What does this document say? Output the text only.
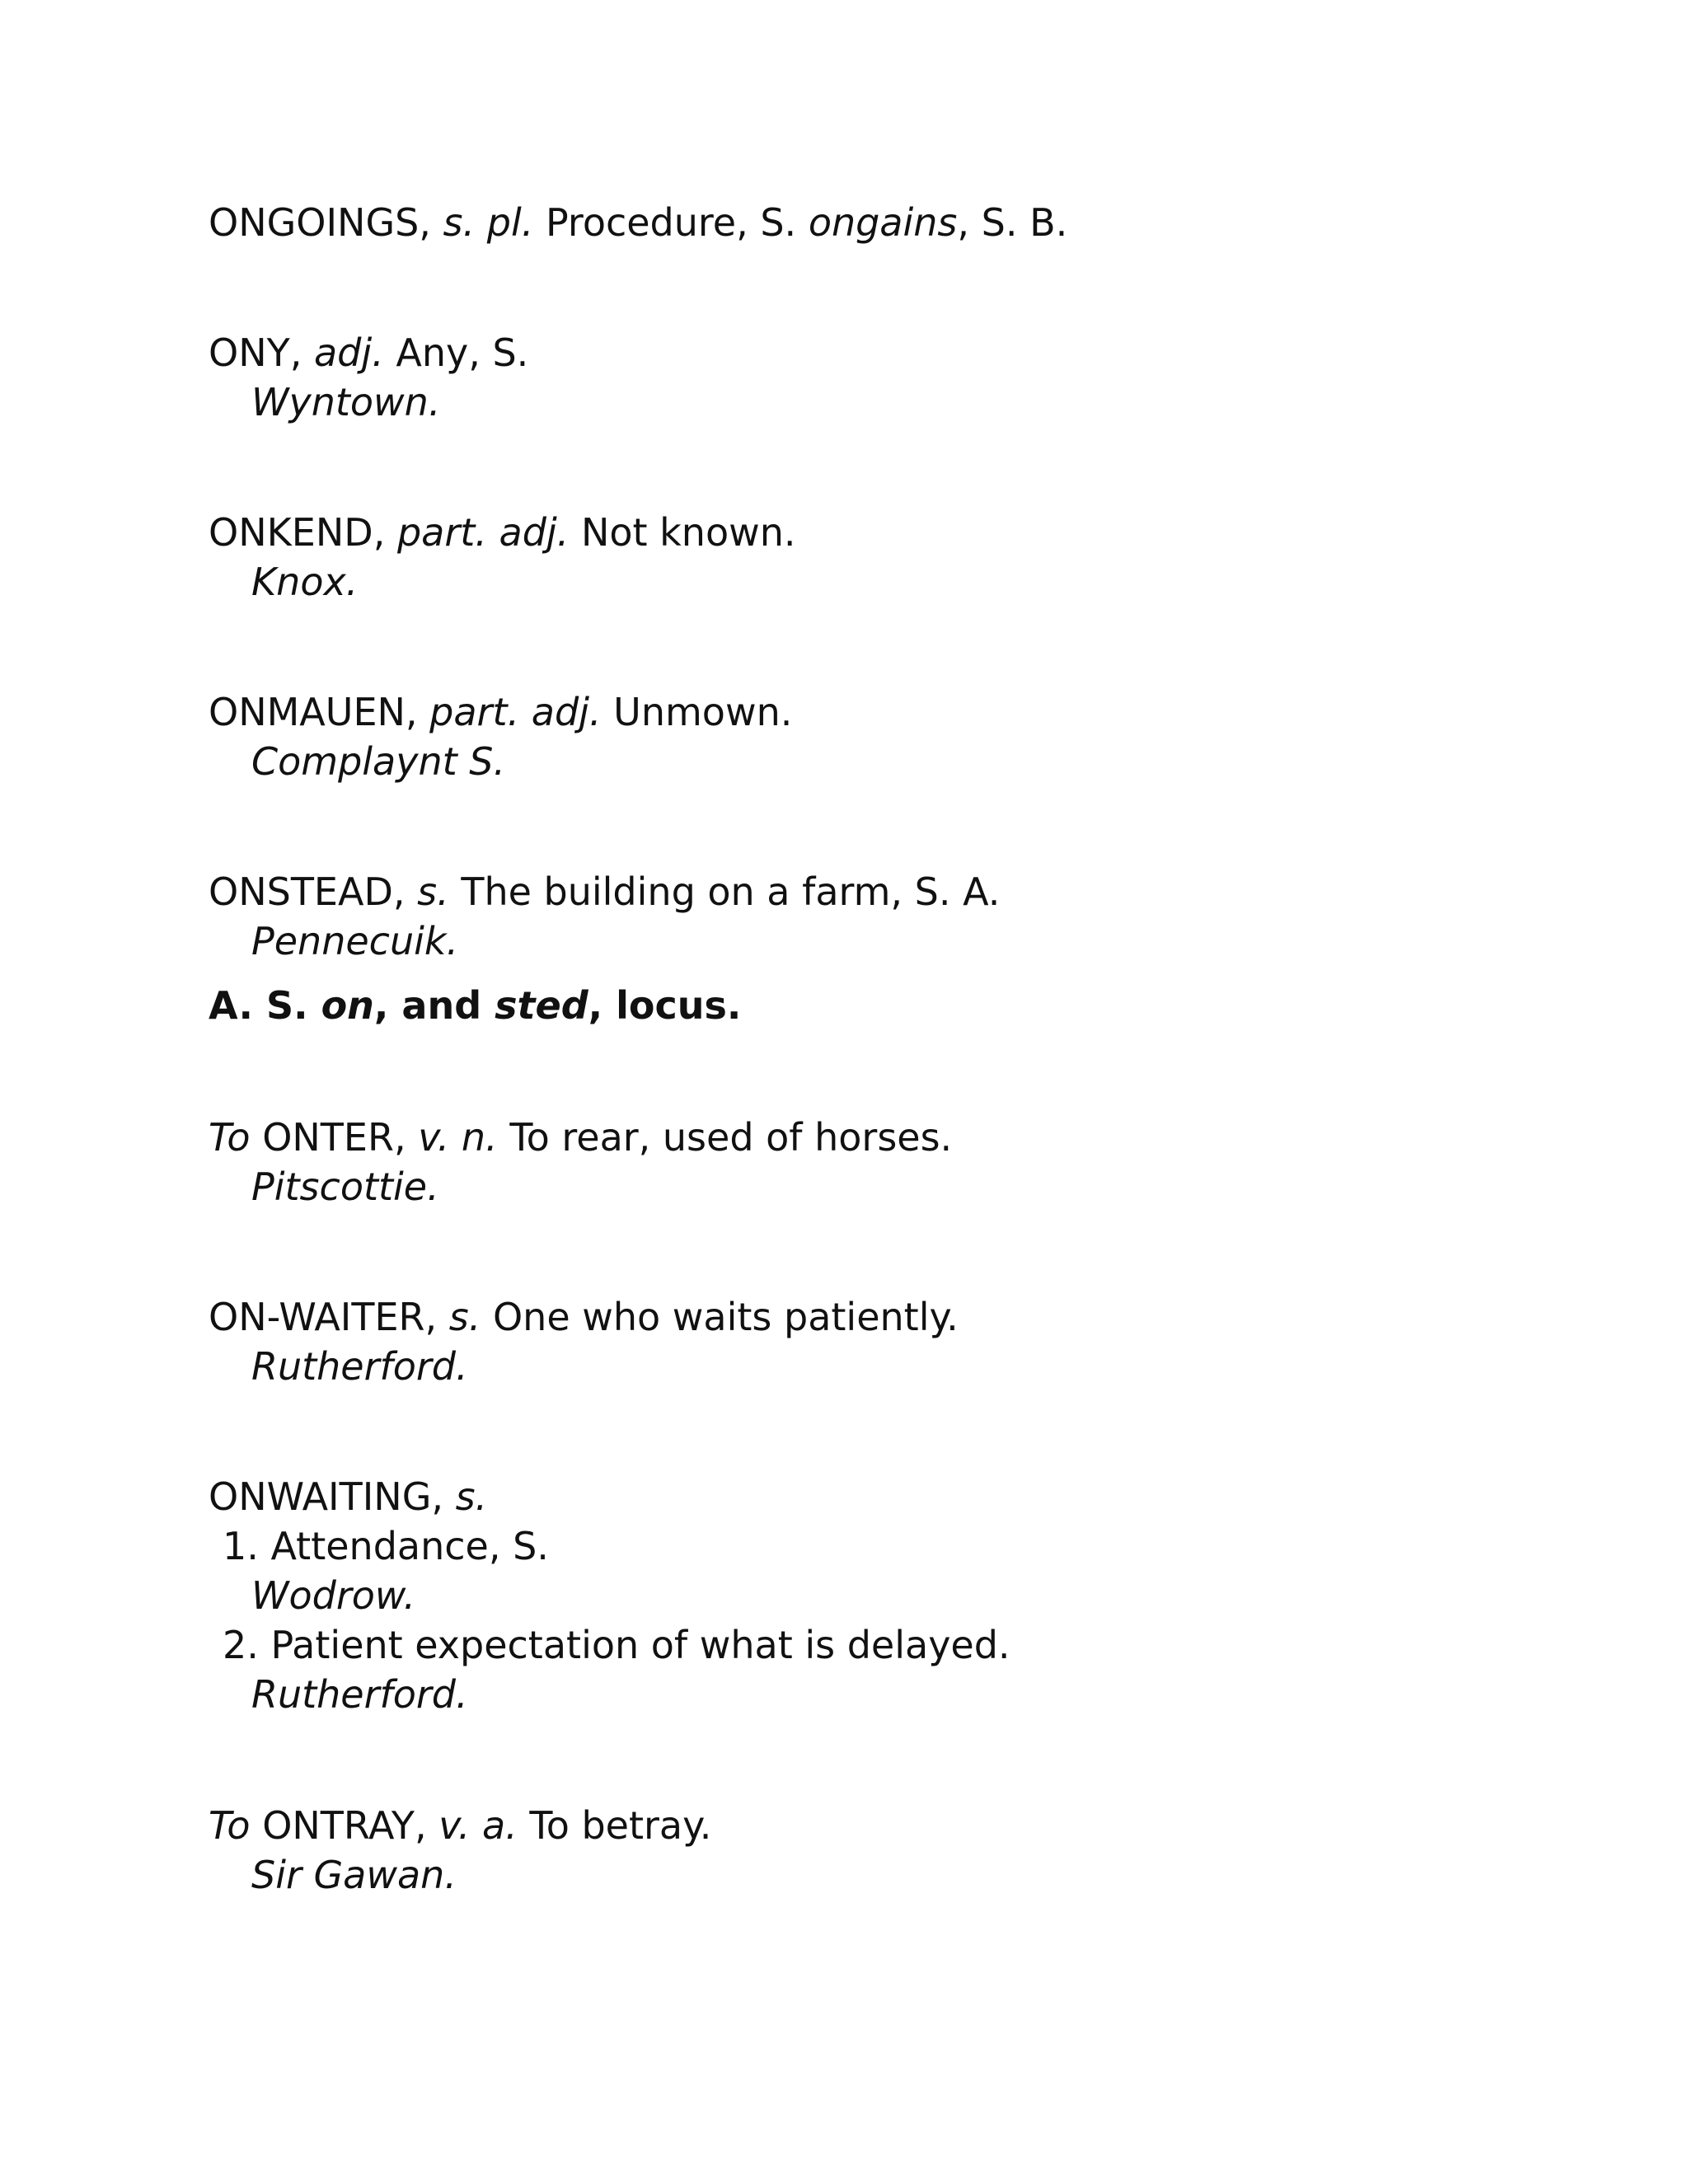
ONGOINGS, s. pl. Procedure, S. ongains, S. B.
ONY, adj. Any, S.
Wyntown.
ONKEND, part. adj. Not known.
Knox.
ONMAUEN, part. adj. Unmown.
Complaynt S.
ONSTEAD, s. The building on a farm, S. A.
Pennecuik.
A. S. on, and sted, locus.
To ONTER, v. n. To rear, used of horses.
Pitscottie.
ON-WAITER, s. One who waits patiently.
Rutherford.
ONWAITING, s.
1. Attendance, S.
Wodrow.
2. Patient expectation of what is delayed.
Rutherford.
To ONTRAY, v. a. To betray.
Sir Gawan.
